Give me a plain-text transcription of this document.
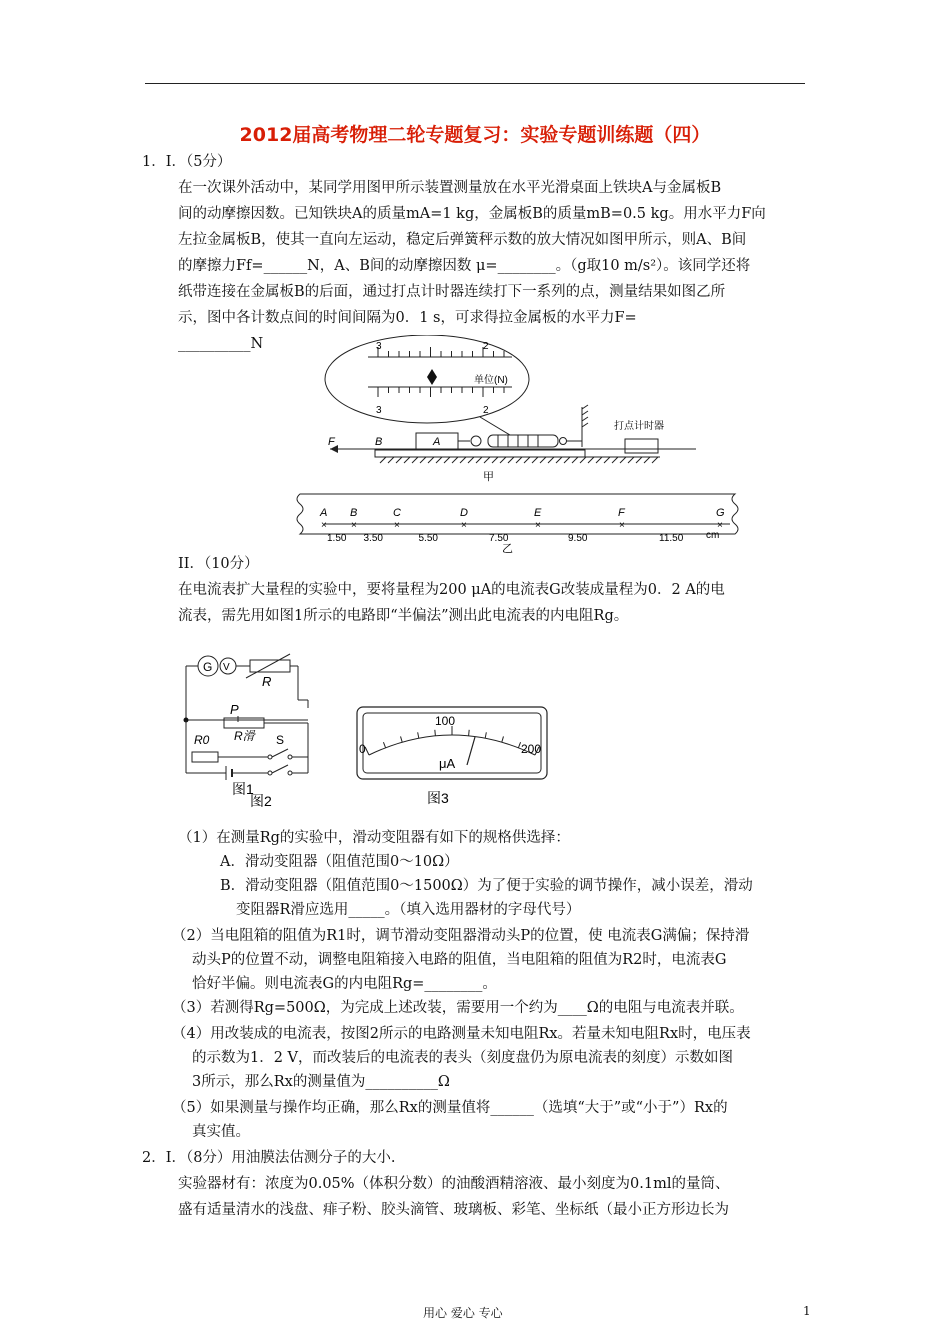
2012届高考物理二轮专题复习：实验专题训练题（四）
1．I．（5分）
在一次课外活动中，某同学用图甲所示装置测量放在水平光滑桌面上铁块A与金属板B
间的动摩擦因数。已知铁块A的质量mA=1 kg，金属板B的质量mB=0.5 kg。用水平力F向
左拉金属板B，使其一直向左运动，稳定后弹簧秤示数的放大情况如图甲所示，则A、B间
的摩擦力Ff=______N，A、B间的动摩擦因数 μ=________。（g取10 m/s²）。该同学还将
纸带连接在金属板B的后面，通过打点计时器连续打下一系列的点，测量结果如图乙所
示，图中各计数点间的时间间隔为0．1 s，可求得拉金属板的水平力F=
__________N
II．（10分）
在电流表扩大量程的实验中，要将量程为200 μA的电流表G改装成量程为0．2 A的电
流表，需先用如图1所示的电路即“半偏法”测出此电流表的内电阻Rg。
（1）在测量Rg的实验中，滑动变阻器有如下的规格供选择：
A．滑动变阻器（阻值范围0～10Ω）
B．滑动变阻器（阻值范围0～1500Ω）为了便于实验的调节操作，减小误差，滑动
变阻器R滑应选用_____。（填入选用器材的字母代号）
（2）当电阻箱的阻值为R1时，调节滑动变阻器滑动头P的位置，使 电流表G满偏；保持滑
动头P的位置不动，调整电阻箱接入电路的阻值，当电阻箱的阻值为R2时，电流表G
恰好半偏。则电流表G的内电阻Rg=________。
（3）若测得Rg=500Ω，为完成上述改装，需要用一个约为____Ω的电阻与电流表并联。
（4）用改装成的电流表，按图2所示的电路测量未知电阻Rx。若量未知电阻Rx时，电压表
的示数为1．2 V，而改装后的电流表的表头（刻度盘仍为原电流表的刻度）示数如图
3所示，那么Rx的测量值为__________Ω
（5）如果测量与操作均正确，那么Rx的测量值将______（选填“大于”或“小于”）Rx的
真实值。
2．I．（8分）用油膜法估测分子的大小.
实验器材有：浓度为0.05%（体积分数）的油酸酒精溶液、最小刻度为0.1ml的量筒、
盛有适量清水的浅盘、痱子粉、胶头滴管、玻璃板、彩笔、坐标纸（最小正方形边长为
3	2
3	2
单位(N)
打点计时器
F	B	A
甲
×
A
×
B
×
C
×
D
×
E
×
F
×
G
1.50 3.50	5.50	7.50	9.50	11.50 cm
乙
G V
R
P
R滑
R0	S
图1
图2
0
100
200
μA
图3
用心 爱心 专心	1
